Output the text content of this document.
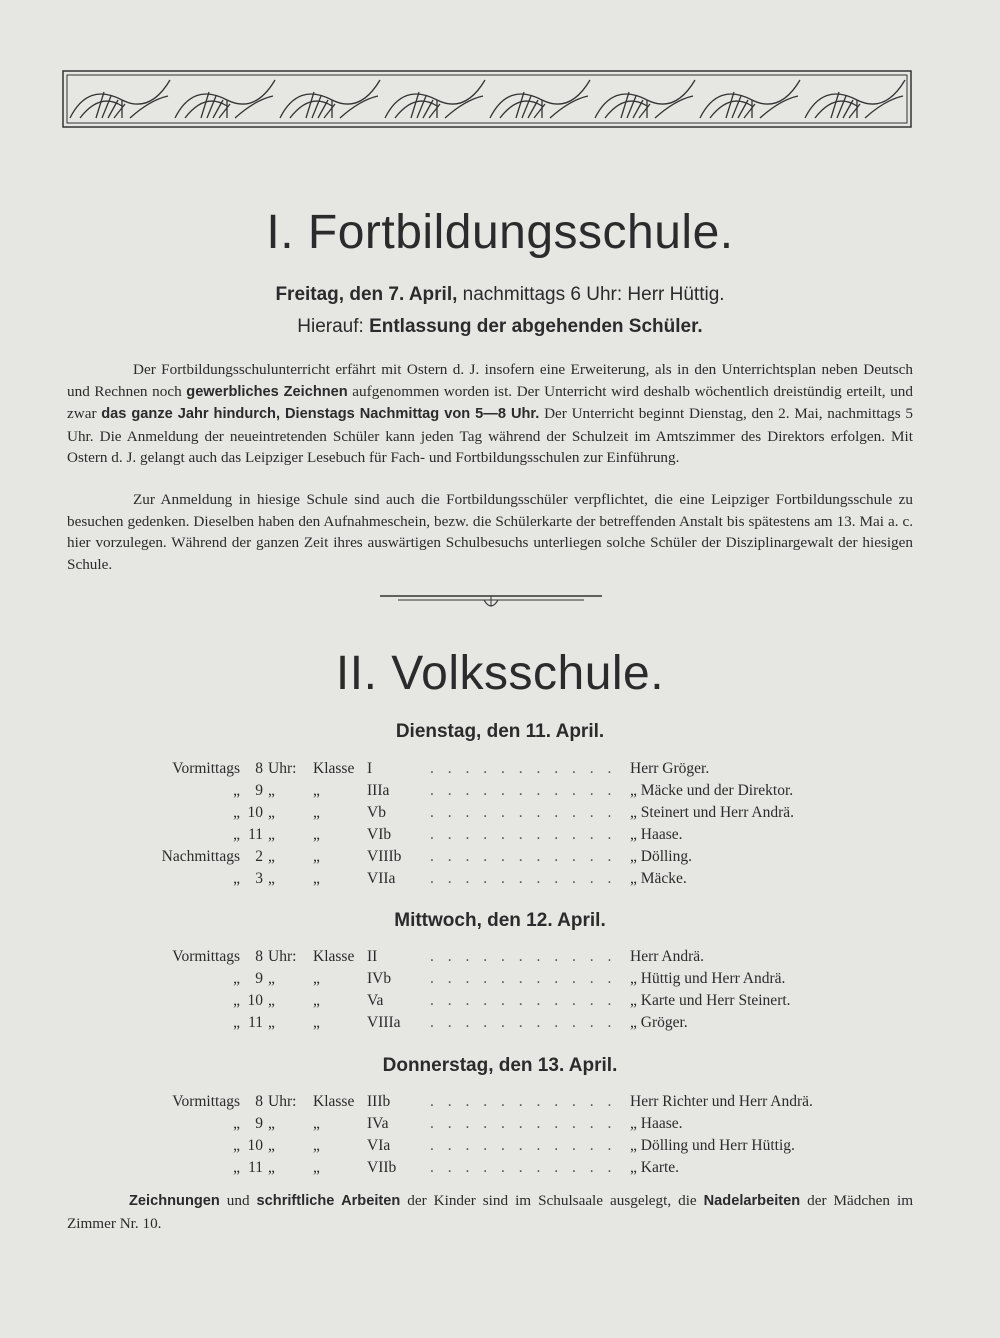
I. Fortbildungsschule.

Freitag, den 7. April, nachmittags 6 Uhr: Herr Hüttig.

Hierauf: Entlassung der abgehenden Schüler.

Der Fortbildungsschulunterricht erfährt mit Ostern d. J. insofern eine Erweiterung, als in den Unterrichtsplan neben Deutsch und Rechnen noch gewerbliches Zeichnen aufgenommen worden ist. Der Unterricht wird deshalb wöchentlich dreistündig erteilt, und zwar das ganze Jahr hindurch, Dienstags Nachmittag von 5—8 Uhr. Der Unterricht beginnt Dienstag, den 2. Mai, nachmittags 5 Uhr. Die Anmeldung der neueintretenden Schüler kann jeden Tag während der Schulzeit im Amtszimmer des Direktors erfolgen. Mit Ostern d. J. gelangt auch das Leipziger Lesebuch für Fach- und Fortbildungsschulen zur Einführung.

Zur Anmeldung in hiesige Schule sind auch die Fortbildungsschüler verpflichtet, die eine Leipziger Fortbildungsschule zu besuchen gedenken. Dieselben haben den Aufnahmeschein, bezw. die Schülerkarte der betreffenden Anstalt bis spätestens am 13. Mai a. c. hier vorzulegen. Während der ganzen Zeit ihres auswärtigen Schulbesuchs unterliegen solche Schüler der Disziplinargewalt der hiesigen Schule.

II. Volksschule.
Dienstag, den 11. April.
Vormittags 8 Uhr: Klasse I	Herr Gröger.
. . . . . . . . . . .
„ 9 „ „	IIIa	„ Mäcke und der Direktor.
. . . . . . . . . . .
„ 10 „ „	Vb	„ Steinert und Herr Andrä.
. . . . . . . . . . .
„ 11 „ „	VIb	„ Haase.
. . . . . . . . . . .
Nachmittags 2 „ „	VIIIb	„ Dölling.
. . . . . . . . . . .
„ 3 „ „	VIIa	„ Mäcke.
. . . . . . . . . . .
Mittwoch, den 12. April.
Vormittags 8 Uhr: Klasse II	Herr Andrä.
. . . . . . . . . . .
„ 9 „ „	IVb	„ Hüttig und Herr Andrä.
. . . . . . . . . . .
„ 10 „ „	Va	„ Karte und Herr Steinert.
. . . . . . . . . . .
„ 11 „ „	VIIIa	„ Gröger.
. . . . . . . . . . .
Donnerstag, den 13. April.
Vormittags 8 Uhr: Klasse IIIb	Herr Richter und Herr Andrä.
. . . . . . . . . . .
„ 9 „ „	IVa	„ Haase.
. . . . . . . . . . .
„ 10 „ „	VIa	„ Dölling und Herr Hüttig.
. . . . . . . . . . .
„ 11 „ „	VIIb	„ Karte.
. . . . . . . . . . .

Zeichnungen und schriftliche Arbeiten der Kinder sind im Schulsaale ausgelegt, die Nadelarbeiten der Mädchen im Zimmer Nr. 10.
